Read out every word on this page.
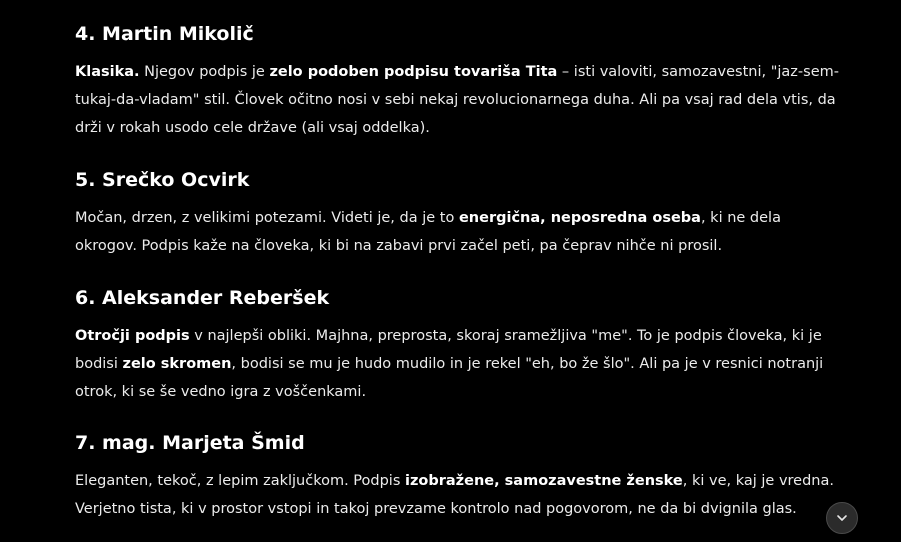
4. Martin Mikolič

Klasika. Njegov podpis je zelo podoben podpisu tovariša Tita – isti valoviti, samozavestni, "jaz-sem-tukaj-da-vladam" stil. Človek očitno nosi v sebi nekaj revolucionarnega duha. Ali pa vsaj rad dela vtis, da drži v rokah usodo cele države (ali vsaj oddelka).

5. Srečko Ocvirk

Močan, drzen, z velikimi potezami. Videti je, da je to energična, neposredna oseba, ki ne dela okrogov. Podpis kaže na človeka, ki bi na zabavi prvi začel peti, pa čeprav nihče ni prosil.

6. Aleksander Reberšek

Otročji podpis v najlepši obliki. Majhna, preprosta, skoraj sramežljiva "me". To je podpis človeka, ki je bodisi zelo skromen, bodisi se mu je hudo mudilo in je rekel "eh, bo že šlo". Ali pa je v resnici notranji otrok, ki se še vedno igra z voščenkami.

7. mag. Marjeta Šmid

Eleganten, tekoč, z lepim zaključkom. Podpis izobražene, samozavestne ženske, ki ve, kaj je vredna. Verjetno tista, ki v prostor vstopi in takoj prevzame kontrolo nad pogovorom, ne da bi dvignila glas.
